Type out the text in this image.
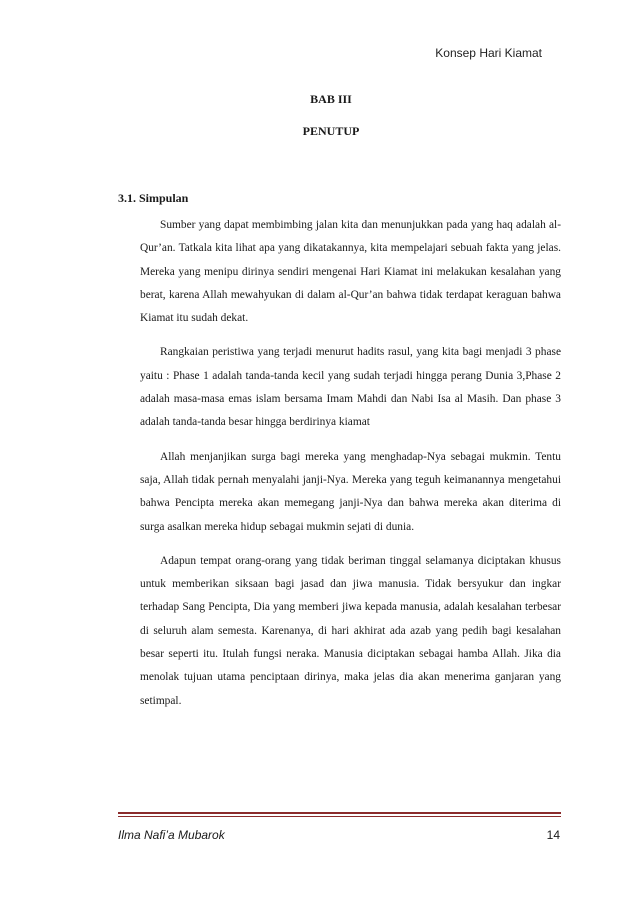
Konsep Hari Kiamat
BAB III
PENUTUP
3.1. Simpulan

Sumber yang dapat membimbing jalan kita dan menunjukkan pada yang haq adalah al-Qur’an. Tatkala kita lihat apa yang dikatakannya, kita mempelajari sebuah fakta yang jelas. Mereka yang menipu dirinya sendiri mengenai Hari Kiamat ini melakukan kesalahan yang berat, karena Allah mewahyukan di dalam al-Qur’an bahwa tidak terdapat keraguan bahwa Kiamat itu sudah dekat.

Rangkaian peristiwa yang terjadi menurut hadits rasul, yang kita bagi menjadi 3 phase yaitu : Phase 1 adalah tanda-tanda kecil yang sudah terjadi hingga perang Dunia 3,Phase 2 adalah masa-masa emas islam bersama Imam Mahdi dan Nabi Isa al Masih. Dan phase 3 adalah tanda-tanda besar hingga berdirinya kiamat

Allah menjanjikan surga bagi mereka yang menghadap-Nya sebagai mukmin. Tentu saja, Allah tidak pernah menyalahi janji-Nya. Mereka yang teguh keimanannya mengetahui bahwa Pencipta mereka akan memegang janji-Nya dan bahwa mereka akan diterima di surga asalkan mereka hidup sebagai mukmin sejati di dunia.

Adapun tempat orang-orang yang tidak beriman tinggal selamanya diciptakan khusus untuk memberikan siksaan bagi jasad dan jiwa manusia. Tidak bersyukur dan ingkar terhadap Sang Pencipta, Dia yang memberi jiwa kepada manusia, adalah kesalahan terbesar di seluruh alam semesta. Karenanya, di hari akhirat ada azab yang pedih bagi kesalahan besar seperti itu. Itulah fungsi neraka. Manusia diciptakan sebagai hamba Allah. Jika dia menolak tujuan utama penciptaan dirinya, maka jelas dia akan menerima ganjaran yang setimpal.

Ilma Nafi’a Mubarok	14
